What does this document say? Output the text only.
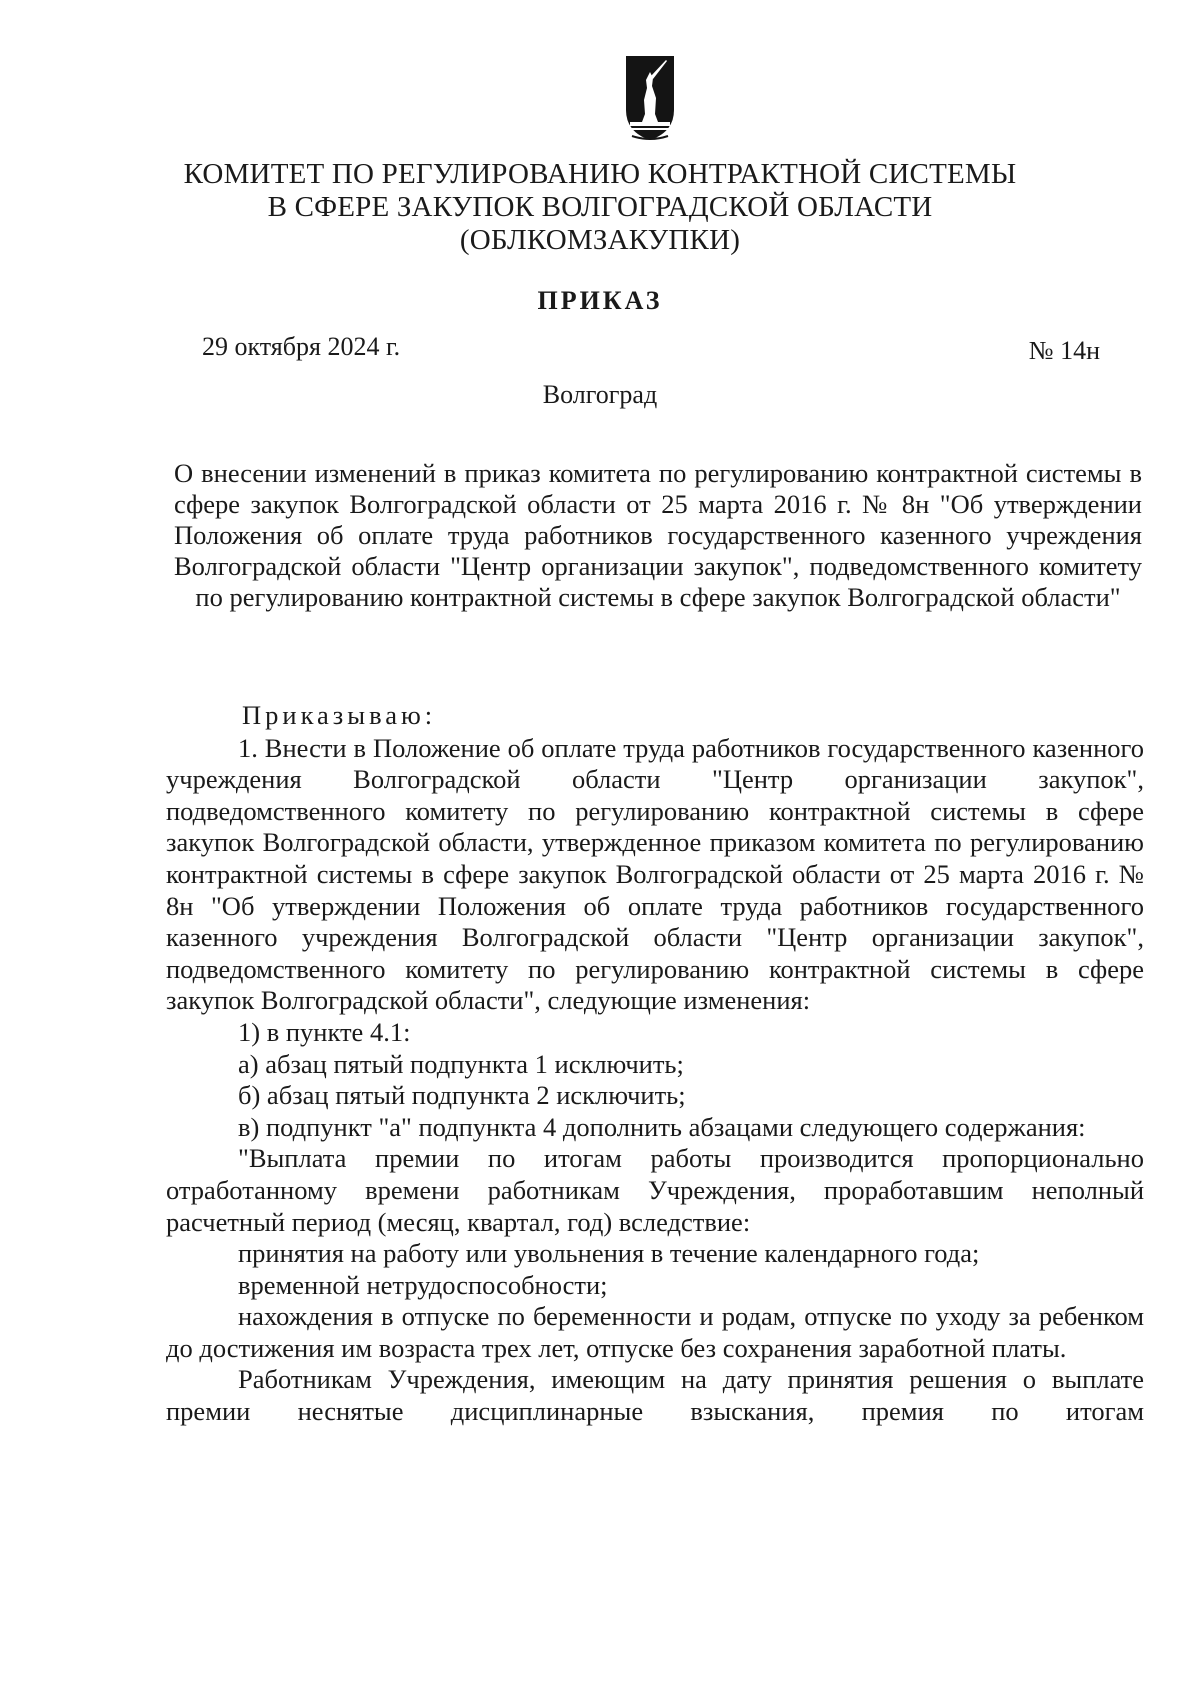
КОМИТЕТ ПО РЕГУЛИРОВАНИЮ КОНТРАКТНОЙ СИСТЕМЫ
В СФЕРЕ ЗАКУПОК ВОЛГОГРАДСКОЙ ОБЛАСТИ
(ОБЛКОМЗАКУПКИ)
ПРИКАЗ
29 октября 2024 г.	№ 14н
Волгоград
О внесении изменений в приказ комитета по регулированию контрактной системы в сфере закупок Волгоградской области от 25 марта 2016 г. № 8н "Об утверждении Положения об оплате труда работников государственного казенного учреждения Волгоградской области "Центр организации закупок", подведомственного комитету по регулированию контрактной системы в сфере закупок Волгоградской области"

Приказываю:

1. Внести в Положение об оплате труда работников государственного казенного учреждения Волгоградской области "Центр организации закупок", подведомственного комитету по регулированию контрактной системы в сфере закупок Волгоградской области, утвержденное приказом комитета по регулированию контрактной системы в сфере закупок Волгоградской области от 25 марта 2016 г. № 8н "Об утверждении Положения об оплате труда работников государственного казенного учреждения Волгоградской области "Центр организации закупок", подведомственного комитету по регулированию контрактной системы в сфере закупок Волгоградской области", следующие изменения:

1) в пункте 4.1:

а) абзац пятый подпункта 1 исключить;

б) абзац пятый подпункта 2 исключить;

в) подпункт "а" подпункта 4 дополнить абзацами следующего содержания:

"Выплата премии по итогам работы производится пропорционально отработанному времени работникам Учреждения, проработавшим неполный расчетный период (месяц, квартал, год) вследствие:

принятия на работу или увольнения в течение календарного года;

временной нетрудоспособности;

нахождения в отпуске по беременности и родам, отпуске по уходу за ребенком до достижения им возраста трех лет, отпуске без сохранения заработной платы.

Работникам Учреждения, имеющим на дату принятия решения о выплате премии неснятые дисциплинарные взыскания, премия по итогам
